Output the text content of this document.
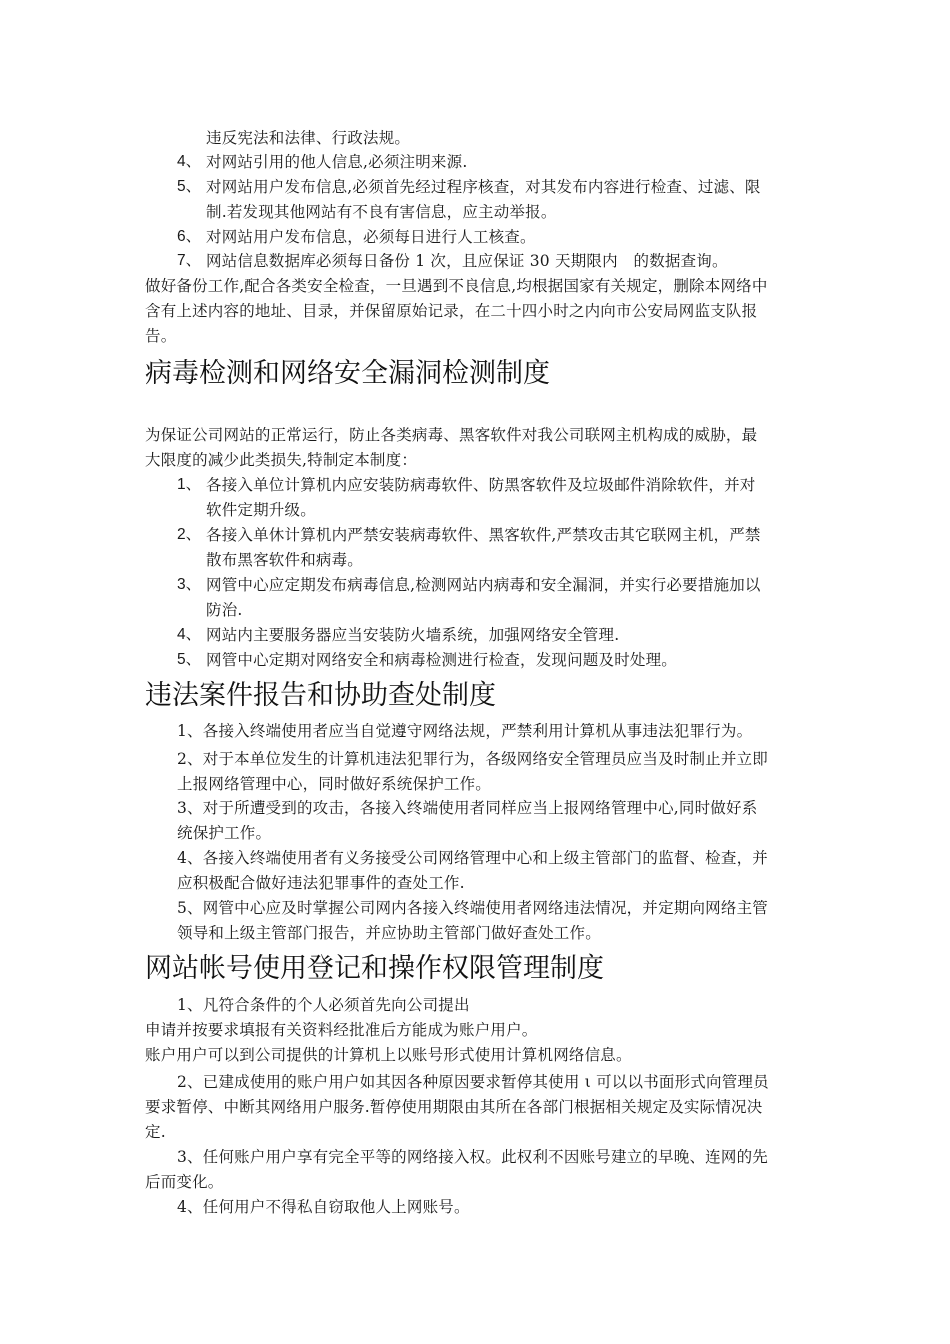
违反宪法和法律、行政法规。
4、 对网站引用的他人信息,必须注明来源.
5、 对网站用户发布信息,必须首先经过程序核查，对其发布内容进行检查、过滤、限
制.若发现其他网站有不良有害信息，应主动举报。
6、 对网站用户发布信息，必须每日进行人工核查。
7、 网站信息数据库必须每日备份 1 次，且应保证 30 天期限内　的数据查询。
做好备份工作,配合各类安全检查，一旦遇到不良信息,均根据国家有关规定，删除本网络中
含有上述内容的地址、目录，并保留原始记录，在二十四小时之内向市公安局网监支队报
告。
病毒检测和网络安全漏洞检测制度
为保证公司网站的正常运行，防止各类病毒、黑客软件对我公司联网主机构成的威胁，最
大限度的减少此类损失,特制定本制度：
1、 各接入单位计算机内应安装防病毒软件、防黑客软件及垃圾邮件消除软件，并对
软件定期升级。
2、 各接入单休计算机内严禁安装病毒软件、黑客软件,严禁攻击其它联网主机，严禁
散布黑客软件和病毒。
3、 网管中心应定期发布病毒信息,检测网站内病毒和安全漏洞，并实行必要措施加以
防治.
4、 网站内主要服务器应当安装防火墙系统，加强网络安全管理.
5、 网管中心定期对网络安全和病毒检测进行检查，发现问题及时处理。
违法案件报告和协助查处制度
1、各接入终端使用者应当自觉遵守网络法规，严禁利用计算机从事违法犯罪行为。
2、对于本单位发生的计算机违法犯罪行为，各级网络安全管理员应当及时制止并立即
上报网络管理中心，同时做好系统保护工作。
3、对于所遭受到的攻击，各接入终端使用者同样应当上报网络管理中心,同时做好系
统保护工作。
4、各接入终端使用者有义务接受公司网络管理中心和上级主管部门的监督、检查，并
应积极配合做好违法犯罪事件的查处工作.
5、网管中心应及时掌握公司网内各接入终端使用者网络违法情况，并定期向网络主管
领导和上级主管部门报告，并应协助主管部门做好查处工作。
网站帐号使用登记和操作权限管理制度
1、凡符合条件的个人必须首先向公司提出
申请并按要求填报有关资料经批准后方能成为账户用户。
账户用户可以到公司提供的计算机上以账号形式使用计算机网络信息。
2、已建成使用的账户用户如其因各种原因要求暂停其使用 ι 可以以书面形式向管理员
要求暂停、中断其网络用户服务.暂停使用期限由其所在各部门根据相关规定及实际情况决
定.
3、任何账户用户享有完全平等的网络接入权。此权利不因账号建立的早晚、连网的先
后而变化。
4、任何用户不得私自窃取他人上网账号。
